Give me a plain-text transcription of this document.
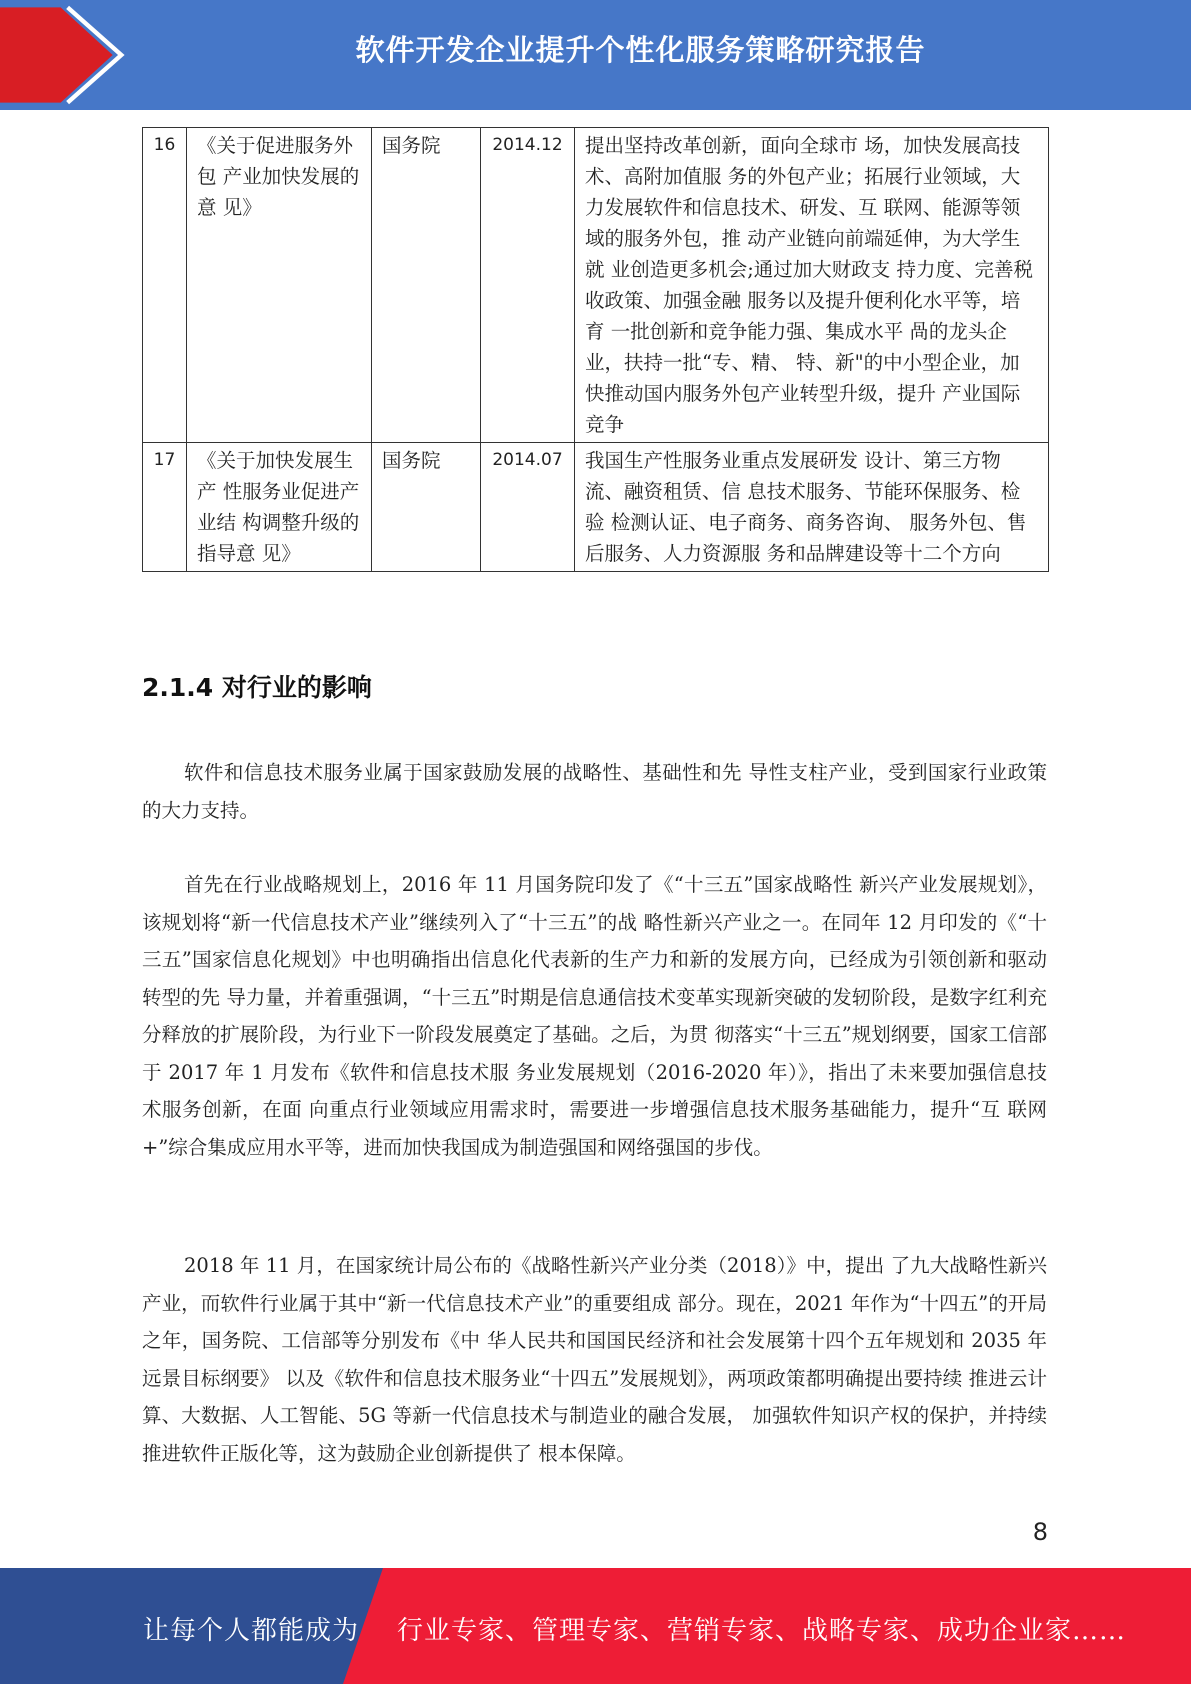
软件开发企业提升个性化服务策略研究报告
16	《关于促进服务外包 产业加快发展的意 见》	国务院	2014.12	提出坚持改革创新，面向全球市 场，加快发展高技术、高附加值服 务的外包产业；拓展行业领域，大 力发展软件和信息技术、研发、互 联网、能源等领域的服务外包，推 动产业链向前端延伸，为大学生就 业创造更多机会;通过加大财政支 持力度、完善税收政策、加强金融 服务以及提升便利化水平等，培育 一批创新和竞争能力强、集成水平 咼的龙头企业，扶持一批“专、精、 特、新"的中小型企业，加快推动国内服务外包产业转型升级，提升 产业国际竞争
17	《关于加快发展生产 性服务业促进产业结 构调整升级的指导意 见》	国务院	2014.07	我国生产性服务业重点发展研发 设计、第三方物流、融资租赁、信 息技术服务、节能环保服务、检验 检测认证、电子商务、商务咨询、 服务外包、售后服务、人力资源服 务和品牌建设等十二个方向
2.1.4 对行业的影响

软件和信息技术服务业属于国家鼓励发展的战略性、基础性和先 导性支柱产业，受到国家行业政策的大力支持。

首先在行业战略规划上，2016 年 11 月国务院印发了《“十三五”国家战略性 新兴产业发展规划》，该规划将“新一代信息技术产业”继续列入了“十三五”的战 略性新兴产业之一。在同年 12 月印发的《“十三五”国家信息化规划》中也明确指出信息化代表新的生产力和新的发展方向，已经成为引领创新和驱动转型的先 导力量，并着重强调，“十三五”时期是信息通信技术变革实现新突破的发轫阶段，是数字红利充分释放的扩展阶段，为行业下一阶段发展奠定了基础。之后，为贯 彻落实“十三五”规划纲要，国家工信部于 2017 年 1 月发布《软件和信息技术服 务业发展规划（2016-2020 年）》，指出了未来要加强信息技术服务创新，在面 向重点行业领域应用需求时，需要进一步增强信息技术服务基础能力，提升“互 联网+”综合集成应用水平等，进而加快我国成为制造强国和网络强国的步伐。

2018 年 11 月，在国家统计局公布的《战略性新兴产业分类（2018）》中，提出 了九大战略性新兴产业，而软件行业属于其中“新一代信息技术产业”的重要组成 部分。现在，2021 年作为“十四五”的开局之年，国务院、工信部等分别发布《中 华人民共和国国民经济和社会发展第十四个五年规划和 2035 年远景目标纲要》 以及《软件和信息技术服务业“十四五”发展规划》，两项政策都明确提出要持续 推进云计算、大数据、人工智能、5G 等新一代信息技术与制造业的融合发展， 加强软件知识产权的保护，并持续推进软件正版化等，这为鼓励企业创新提供了 根本保障。

8
让每个人都能成为 行业专家、管理专家、营销专家、战略专家、成功企业家……
